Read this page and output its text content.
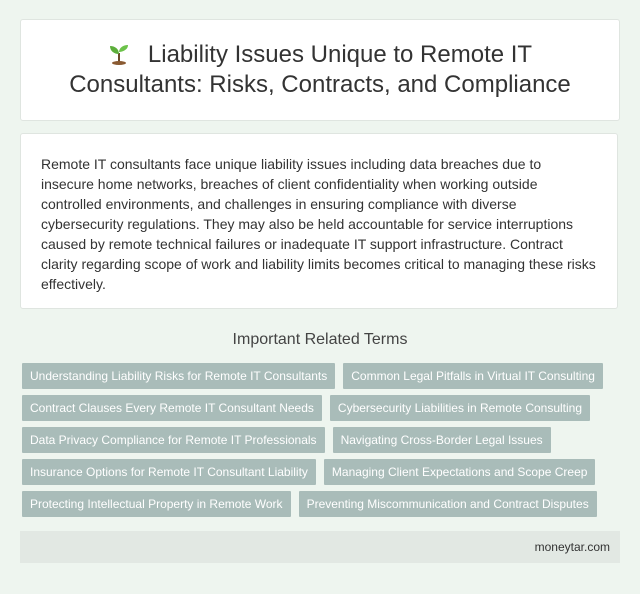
Liability Issues Unique to Remote IT Consultants: Risks, Contracts, and Compliance

Remote IT consultants face unique liability issues including data breaches due to insecure home networks, breaches of client confidentiality when working outside controlled environments, and challenges in ensuring compliance with diverse cybersecurity regulations. They may also be held accountable for service interruptions caused by remote technical failures or inadequate IT support infrastructure. Contract clarity regarding scope of work and liability limits becomes critical to managing these risks effectively.

Important Related Terms
Understanding Liability Risks for Remote IT Consultants	Common Legal Pitfalls in Virtual IT Consulting
Contract Clauses Every Remote IT Consultant Needs	Cybersecurity Liabilities in Remote Consulting
Data Privacy Compliance for Remote IT Professionals	Navigating Cross-Border Legal Issues
Insurance Options for Remote IT Consultant Liability	Managing Client Expectations and Scope Creep
Protecting Intellectual Property in Remote Work	Preventing Miscommunication and Contract Disputes
moneytar.com
